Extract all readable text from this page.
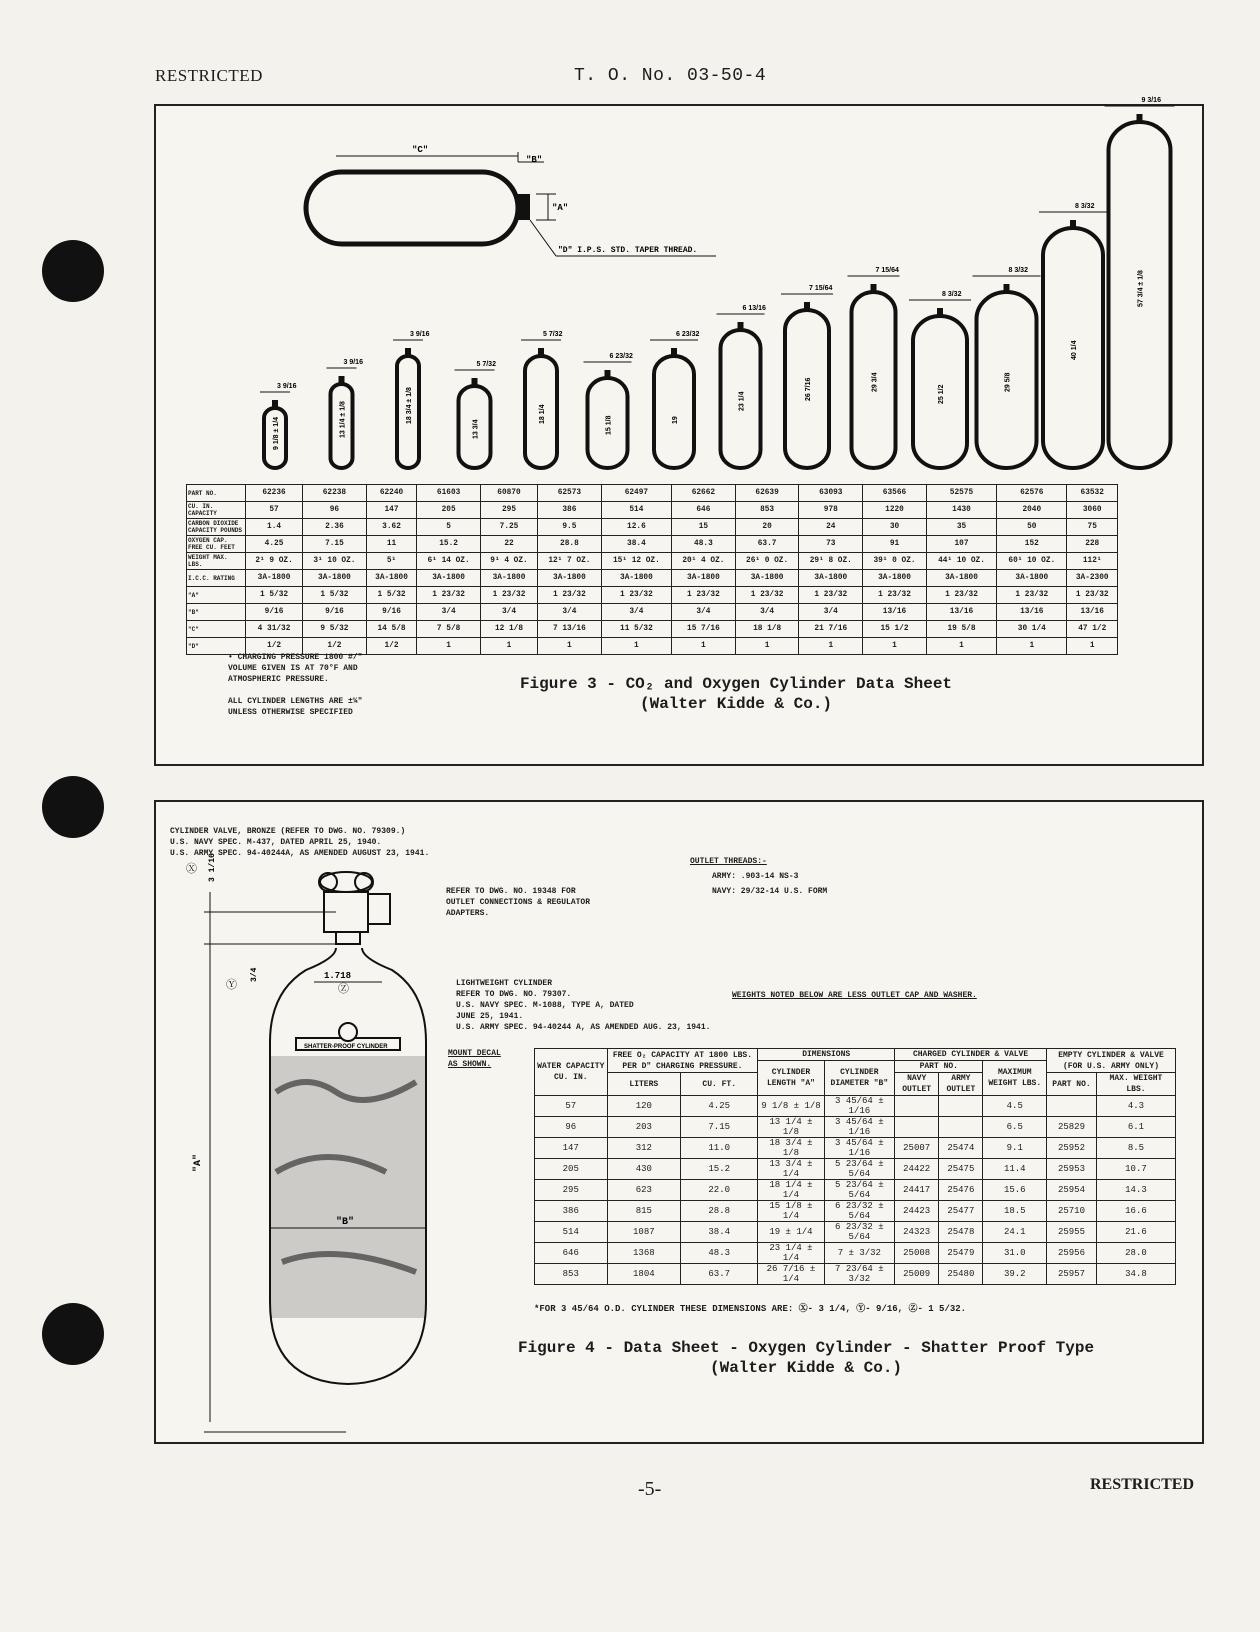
RESTRICTED	T. O. No. 03-50-4
"C"
"B"
"A"
"D" I.P.S. STD. TAPER THREAD.
3 9/16
9 1/8 ± 1/4
3 9/16
13 1/4 ± 1/8
3 9/16
18 3/4 ± 1/8
5 7/32
13 3/4
5 7/32
18 1/4
6 23/32
15 1/8
6 23/32
19
6 13/16
23 1/4
7 15/64
26 7/16
7 15/64
29 3/4
8 3/32
25 1/2
8 3/32
29 5/8
8 3/32
40 1/4
9 3/16
57 3/4 ± 1/8
PART NO.	62236	62238	62240	61603	60870	62573	62497	62662	62639	63093	63566	52575	62576	63532
CU. IN. CAPACITY	57	96	147	205	295	386	514	646	853	978	1220	1430	2040	3060
CARBON DIOXIDE CAPACITY POUNDS	1.4	2.36	3.62	5	7.25	9.5	12.6	15	20	24	30	35	50	75
OXYGEN CAP. FREE CU. FEET	4.25	7.15	11	15.2	22	28.8	38.4	48.3	63.7	73	91	107	152	228
WEIGHT MAX. LBS.	2¹ 9 OZ.	3¹ 10 OZ.	5¹	6¹ 14 OZ.	9¹ 4 OZ.	12¹ 7 OZ.	15¹ 12 OZ.	20¹ 4 OZ.	26¹ 0 OZ.	29¹ 8 OZ.	39¹ 0 OZ.	44¹ 10 OZ.	60¹ 10 OZ.	112¹
I.C.C. RATING	3A-1800	3A-1800	3A-1800	3A-1800	3A-1800	3A-1800	3A-1800	3A-1800	3A-1800	3A-1800	3A-1800	3A-1800	3A-1800	3A-2300
"A"	1 5/32	1 5/32	1 5/32	1 23/32	1 23/32	1 23/32	1 23/32	1 23/32	1 23/32	1 23/32	1 23/32	1 23/32	1 23/32	1 23/32
"B"	9/16	9/16	9/16	3/4	3/4	3/4	3/4	3/4	3/4	3/4	13/16	13/16	13/16	13/16
"C"	4 31/32	9 5/32	14 5/8	7 5/8	12 1/8	7 13/16	11 5/32	15 7/16	18 1/8	21 7/16	15 1/2	19 5/8	30 1/4	47 1/2
"D"	1/2	1/2	1/2	1	1	1	1	1	1	1	1	1	1	1
• CHARGING PRESSURE 1800 #/″
VOLUME GIVEN IS AT 70°F AND
ATMOSPHERIC PRESSURE.
ALL CYLINDER LENGTHS ARE ±¼″
UNLESS OTHERWISE SPECIFIED
Figure 3 - CO₂ and Oxygen Cylinder Data Sheet
(Walter Kidde & Co.)
CYLINDER VALVE, BRONZE (REFER TO DWG. NO. 79309.)
U.S. NAVY SPEC. M-437, DATED APRIL 25, 1940.
U.S. ARMY SPEC. 94-40244A, AS AMENDED AUGUST 23, 1941.
REFER TO DWG. NO. 19348 FOR
OUTLET CONNECTIONS & REGULATOR
ADAPTERS.
OUTLET THREADS:-
ARMY: .903-14 NS-3
NAVY: 29/32-14 U.S. FORM
LIGHTWEIGHT CYLINDER
REFER TO DWG. NO. 79307.
U.S. NAVY SPEC. M-1088, TYPE A, DATED
JUNE 25, 1941.
U.S. ARMY SPEC. 94-40244 A, AS AMENDED AUG. 23, 1941.
MOUNT DECAL
AS SHOWN.
WEIGHTS NOTED BELOW ARE LESS OUTLET CAP AND WASHER.
SHATTER-PROOF CYLINDER
Ⓧ 3 1/16
Ⓨ
3/4	1.718
Ⓩ
"A"
"B"
WATER CAPACITY CU. IN.	FREE O₂ CAPACITY AT 1800 LBS. PER D″ CHARGING PRESSURE.		DIMENSIONS		CHARGED CYLINDER & VALVE			EMPTY CYLINDER & VALVE (FOR U.S. ARMY ONLY)	
			CYLINDER LENGTH "A"	CYLINDER DIAMETER "B"	PART NO.		MAXIMUM WEIGHT LBS.		
	LITERS	CU. FT.			NAVY OUTLET	ARMY OUTLET		PART NO.	MAX. WEIGHT LBS.
57	120	4.25	9 1/8 ± 1/8	3 45/64 ± 1/16			4.5		4.3
96	203	7.15	13 1/4 ± 1/8	3 45/64 ± 1/16			6.5	25829	6.1
147	312	11.0	18 3/4 ± 1/8	3 45/64 ± 1/16	25007	25474	9.1	25952	8.5
205	430	15.2	13 3/4 ± 1/4	5 23/64 ± 5/64	24422	25475	11.4	25953	10.7
295	623	22.0	18 1/4 ± 1/4	5 23/64 ± 5/64	24417	25476	15.6	25954	14.3
386	815	28.8	15 1/8 ± 1/4	6 23/32 ± 5/64	24423	25477	18.5	25710	16.6
514	1087	38.4	19 ± 1/4	6 23/32 ± 5/64	24323	25478	24.1	25955	21.6
646	1368	48.3	23 1/4 ± 1/4	7 ± 3/32	25008	25479	31.0	25956	28.0
853	1804	63.7	26 7/16 ± 1/4	7 23/64 ± 3/32	25009	25480	39.2	25957	34.8
*FOR 3 45/64 O.D. CYLINDER THESE DIMENSIONS ARE: Ⓧ- 3 1/4, Ⓨ- 9/16, Ⓩ- 1 5/32.
Figure 4 - Data Sheet - Oxygen Cylinder - Shatter Proof Type
(Walter Kidde & Co.)
-5-	RESTRICTED
